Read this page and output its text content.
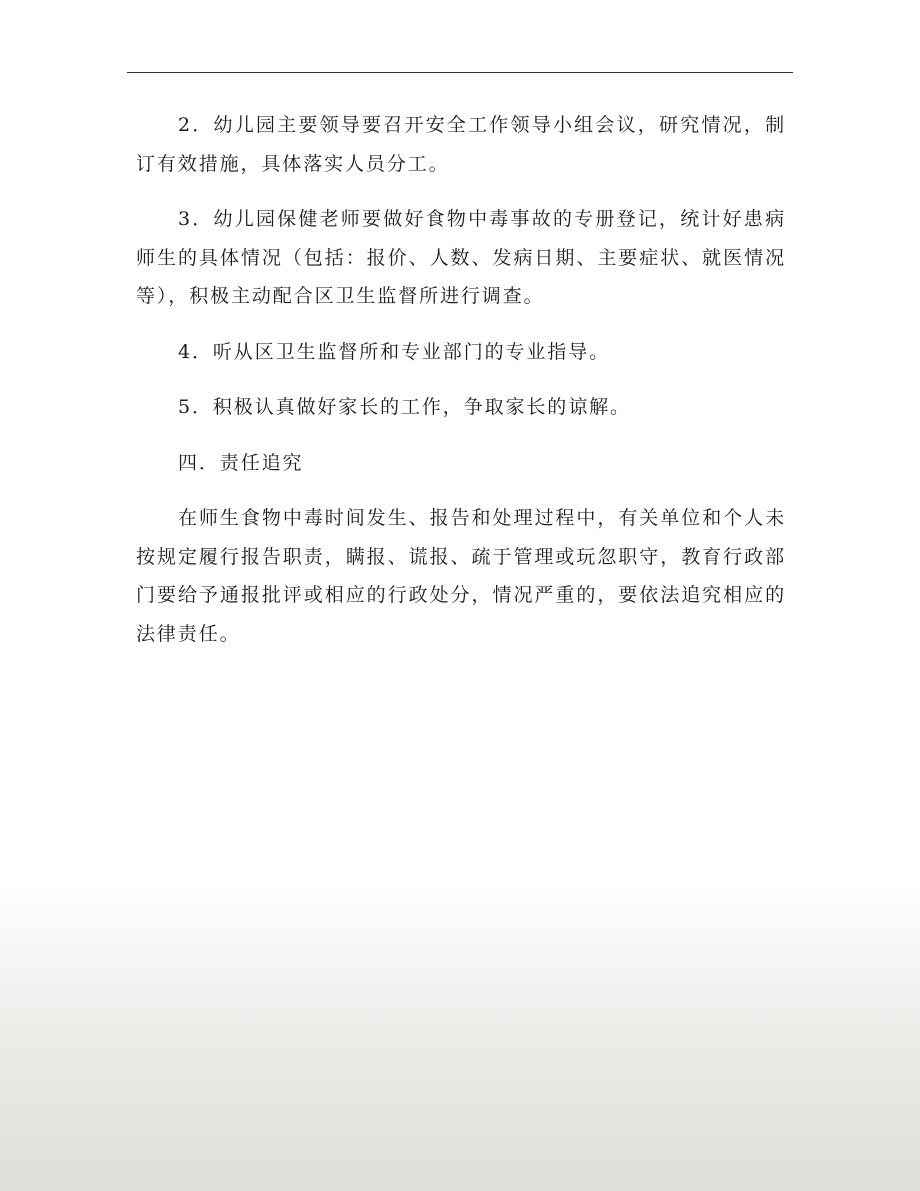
2．幼儿园主要领导要召开安全工作领导小组会议，研究情况，制订有效措施，具体落实人员分工。

3．幼儿园保健老师要做好食物中毒事故的专册登记，统计好患病师生的具体情况（包括：报价、人数、发病日期、主要症状、就医情况等），积极主动配合区卫生监督所进行调查。

4．听从区卫生监督所和专业部门的专业指导。

5．积极认真做好家长的工作，争取家长的谅解。

四．责任追究

在师生食物中毒时间发生、报告和处理过程中，有关单位和个人未按规定履行报告职责，瞒报、谎报、疏于管理或玩忽职守，教育行政部门要给予通报批评或相应的行政处分，情况严重的，要依法追究相应的法律责任。
